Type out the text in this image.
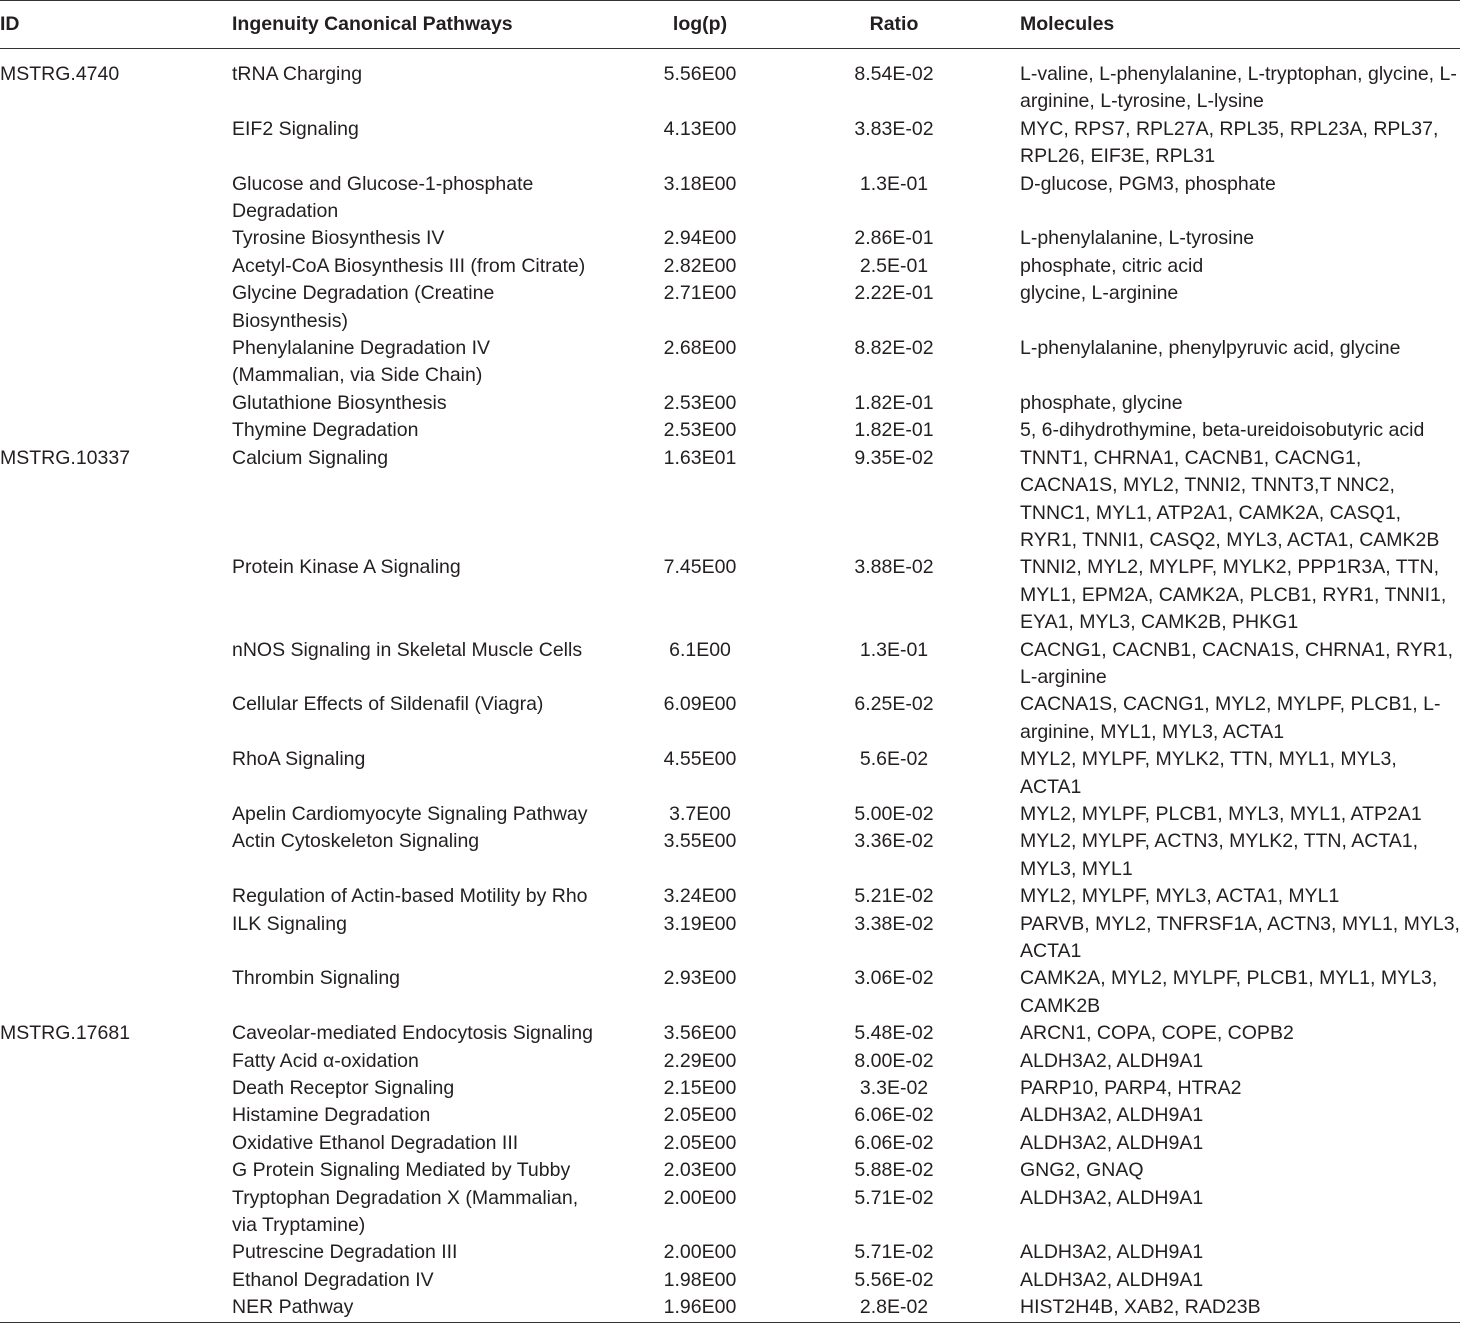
ID	Ingenuity Canonical Pathways	log(p)	Ratio	Molecules
MSTRG.4740	tRNA Charging	5.56E00	8.54E-02	L-valine, L-phenylalanine, L-tryptophan, glycine, L-arginine, L-tyrosine, L-lysine
	EIF2 Signaling	4.13E00	3.83E-02	MYC, RPS7, RPL27A, RPL35, RPL23A, RPL37, RPL26, EIF3E, RPL31
	Glucose and Glucose-1-phosphate Degradation	3.18E00	1.3E-01	D-glucose, PGM3, phosphate
	Tyrosine Biosynthesis IV	2.94E00	2.86E-01	L-phenylalanine, L-tyrosine
	Acetyl-CoA Biosynthesis III (from Citrate)	2.82E00	2.5E-01	phosphate, citric acid
	Glycine Degradation (Creatine Biosynthesis)	2.71E00	2.22E-01	glycine, L-arginine
	Phenylalanine Degradation IV (Mammalian, via Side Chain)	2.68E00	8.82E-02	L-phenylalanine, phenylpyruvic acid, glycine
	Glutathione Biosynthesis	2.53E00	1.82E-01	phosphate, glycine
	Thymine Degradation	2.53E00	1.82E-01	5, 6-dihydrothymine, beta-ureidoisobutyric acid
MSTRG.10337	Calcium Signaling	1.63E01	9.35E-02	TNNT1, CHRNA1, CACNB1, CACNG1, CACNA1S, MYL2, TNNI2, TNNT3,T NNC2, TNNC1, MYL1, ATP2A1, CAMK2A, CASQ1, RYR1, TNNI1, CASQ2, MYL3, ACTA1, CAMK2B
	Protein Kinase A Signaling	7.45E00	3.88E-02	TNNI2, MYL2, MYLPF, MYLK2, PPP1R3A, TTN, MYL1, EPM2A, CAMK2A, PLCB1, RYR1, TNNI1, EYA1, MYL3, CAMK2B, PHKG1
	nNOS Signaling in Skeletal Muscle Cells	6.1E00	1.3E-01	CACNG1, CACNB1, CACNA1S, CHRNA1, RYR1, L-arginine
	Cellular Effects of Sildenafil (Viagra)	6.09E00	6.25E-02	CACNA1S, CACNG1, MYL2, MYLPF, PLCB1, L-arginine, MYL1, MYL3, ACTA1
	RhoA Signaling	4.55E00	5.6E-02	MYL2, MYLPF, MYLK2, TTN, MYL1, MYL3, ACTA1
	Apelin Cardiomyocyte Signaling Pathway	3.7E00	5.00E-02	MYL2, MYLPF, PLCB1, MYL3, MYL1, ATP2A1
	Actin Cytoskeleton Signaling	3.55E00	3.36E-02	MYL2, MYLPF, ACTN3, MYLK2, TTN, ACTA1, MYL3, MYL1
	Regulation of Actin-based Motility by Rho	3.24E00	5.21E-02	MYL2, MYLPF, MYL3, ACTA1, MYL1
	ILK Signaling	3.19E00	3.38E-02	PARVB, MYL2, TNFRSF1A, ACTN3, MYL1, MYL3, ACTA1
	Thrombin Signaling	2.93E00	3.06E-02	CAMK2A, MYL2, MYLPF, PLCB1, MYL1, MYL3, CAMK2B
MSTRG.17681	Caveolar-mediated Endocytosis Signaling	3.56E00	5.48E-02	ARCN1, COPA, COPE, COPB2
	Fatty Acid α-oxidation	2.29E00	8.00E-02	ALDH3A2, ALDH9A1
	Death Receptor Signaling	2.15E00	3.3E-02	PARP10, PARP4, HTRA2
	Histamine Degradation	2.05E00	6.06E-02	ALDH3A2, ALDH9A1
	Oxidative Ethanol Degradation III	2.05E00	6.06E-02	ALDH3A2, ALDH9A1
	G Protein Signaling Mediated by Tubby	2.03E00	5.88E-02	GNG2, GNAQ
	Tryptophan Degradation X (Mammalian, via Tryptamine)	2.00E00	5.71E-02	ALDH3A2, ALDH9A1
	Putrescine Degradation III	2.00E00	5.71E-02	ALDH3A2, ALDH9A1
	Ethanol Degradation IV	1.98E00	5.56E-02	ALDH3A2, ALDH9A1
	NER Pathway	1.96E00	2.8E-02	HIST2H4B, XAB2, RAD23B
